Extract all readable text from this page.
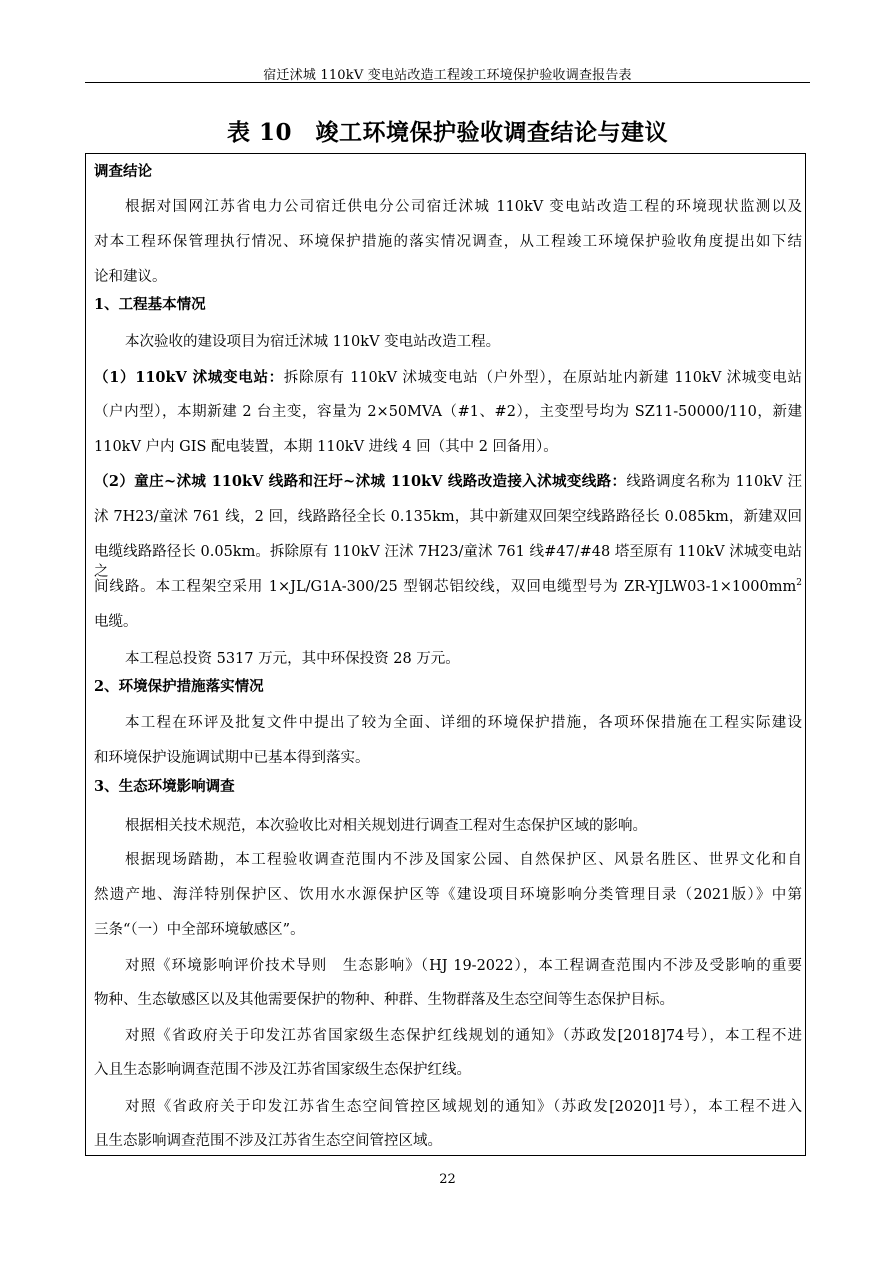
宿迁沭城 110kV 变电站改造工程竣工环境保护验收调查报告表
表 10　竣工环境保护验收调查结论与建议
调查结论
根据对国网江苏省电力公司宿迁供电分公司宿迁沭城 110kV 变电站改造工程的环境现状监测以及
对本工程环保管理执行情况、环境保护措施的落实情况调查，从工程竣工环境保护验收角度提出如下结
论和建议。
1、工程基本情况
本次验收的建设项目为宿迁沭城 110kV 变电站改造工程。
（1）110kV 沭城变电站：拆除原有 110kV 沭城变电站（户外型），在原站址内新建 110kV 沭城变电站
（户内型），本期新建 2 台主变，容量为 2×50MVA（#1、#2），主变型号均为 SZ11-50000/110，新建
110kV 户内 GIS 配电装置，本期 110kV 进线 4 回（其中 2 回备用）。
（2）童庄~沭城 110kV 线路和汪圩~沭城 110kV 线路改造接入沭城变线路：线路调度名称为 110kV 汪
沭 7H23/童沭 761 线，2 回，线路路径全长 0.135km，其中新建双回架空线路路径长 0.085km，新建双回
电缆线路路径长 0.05km。拆除原有 110kV 汪沭 7H23/童沭 761 线#47/#48 塔至原有 110kV 沭城变电站之
间线路。本工程架空采用 1×JL/G1A-300/25 型钢芯铝绞线，双回电缆型号为 $ZR-YJLW03-1\times 1000mm^2$
电缆。
本工程总投资 5317 万元，其中环保投资 28 万元。
2、环境保护措施落实情况
本工程在环评及批复文件中提出了较为全面、详细的环境保护措施，各项环保措施在工程实际建设
和环境保护设施调试期中已基本得到落实。
3、生态环境影响调查
根据相关技术规范，本次验收比对相关规划进行调查工程对生态保护区域的影响。
根据现场踏勘，本工程验收调查范围内不涉及国家公园、自然保护区、风景名胜区、世界文化和自
然遗产地、海洋特别保护区、饮用水水源保护区等《建设项目环境影响分类管理目录（2021版）》中第
三条“（一）中全部环境敏感区”。
对照《环境影响评价技术导则　生态影响》（HJ 19-2022），本工程调查范围内不涉及受影响的重要
物种、生态敏感区以及其他需要保护的物种、种群、生物群落及生态空间等生态保护目标。
对照《省政府关于印发江苏省国家级生态保护红线规划的通知》（苏政发[2018]74号），本工程不进
入且生态影响调查范围不涉及江苏省国家级生态保护红线。
对照《省政府关于印发江苏省生态空间管控区域规划的通知》（苏政发[2020]1号），本工程不进入
且生态影响调查范围不涉及江苏省生态空间管控区域。
22
